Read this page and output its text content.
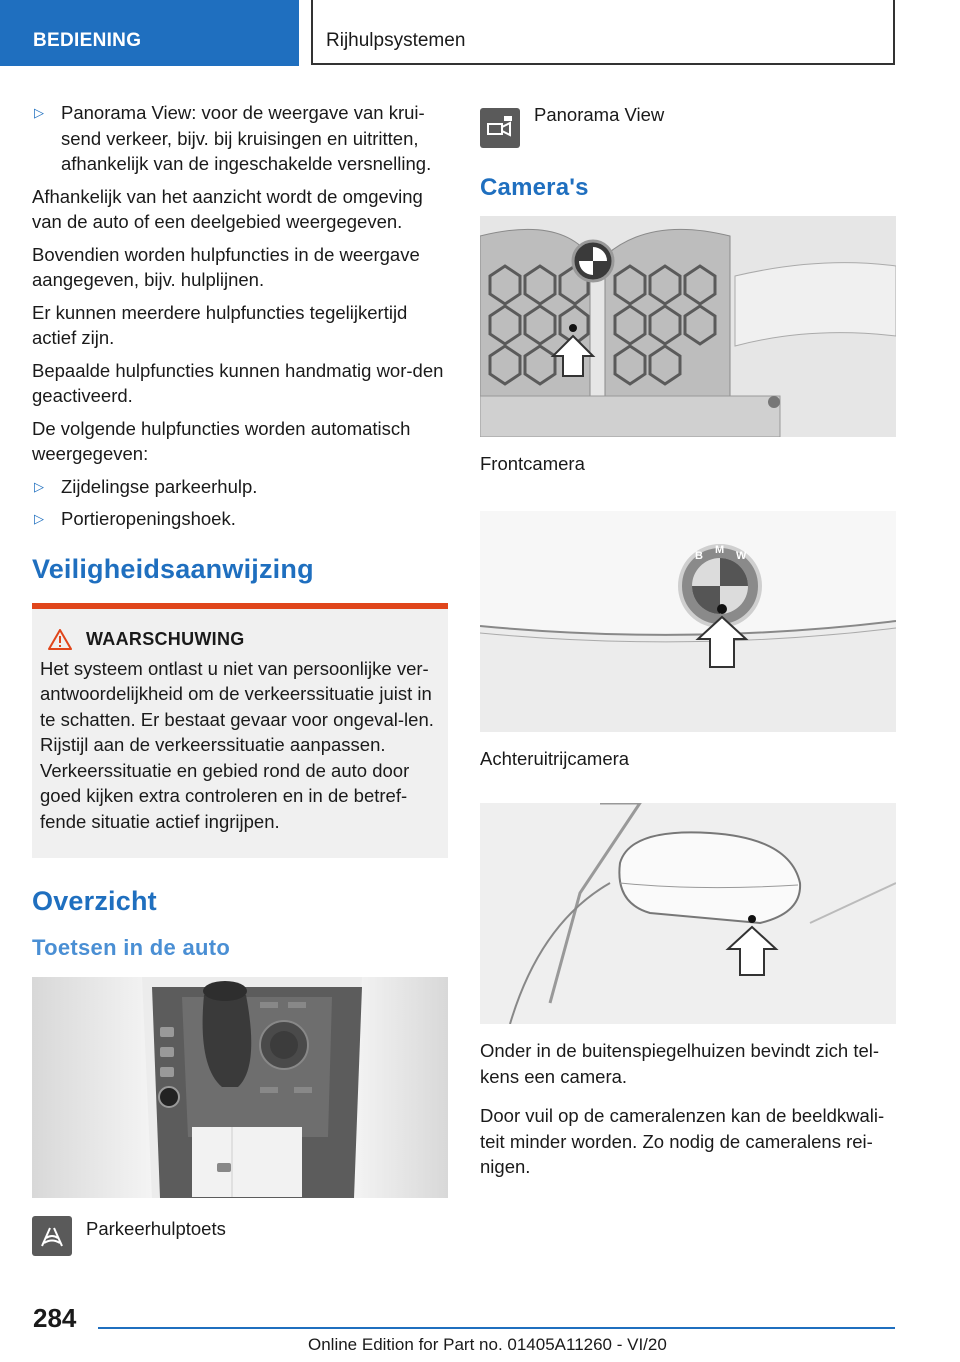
BEDIENING	Rijhulpsystemen
▷ Panorama View: voor de weergave van krui-send verkeer, bijv. bij kruisingen en uitritten, afhankelijk van de ingeschakelde versnelling.

Afhankelijk van het aanzicht wordt de omgeving van de auto of een deelgebied weergegeven.

Bovendien worden hulpfuncties in de weergave aangegeven, bijv. hulplijnen.

Er kunnen meerdere hulpfuncties tegelijkertijd actief zijn.

Bepaalde hulpfuncties kunnen handmatig wor-den geactiveerd.

De volgende hulpfuncties worden automatisch weergegeven:

▷ Zijdelingse parkeerhulp.
▷ Portieropeningshoek.
Veiligheidsaanwijzing
WAARSCHUWING
Het systeem ontlast u niet van persoonlijke ver-antwoordelijkheid om de verkeerssituatie juist in te schatten. Er bestaat gevaar voor ongeval-len. Rijstijl aan de verkeerssituatie aanpassen. Verkeerssituatie en gebied rond de auto door goed kijken extra controleren en in de betref-fende situatie actief ingrijpen.
Overzicht
Toetsen in de auto
Parkeerhulptoets
Panorama View
Camera's

Frontcamera

B M W

Achteruitrijcamera

Onder in de buitenspiegelhuizen bevindt zich tel-kens een camera.

Door vuil op de cameralenzen kan de beeldkwali-teit minder worden. Zo nodig de cameralens rei-nigen.

284
Online Edition for Part no. 01405A11260 - VI/20
